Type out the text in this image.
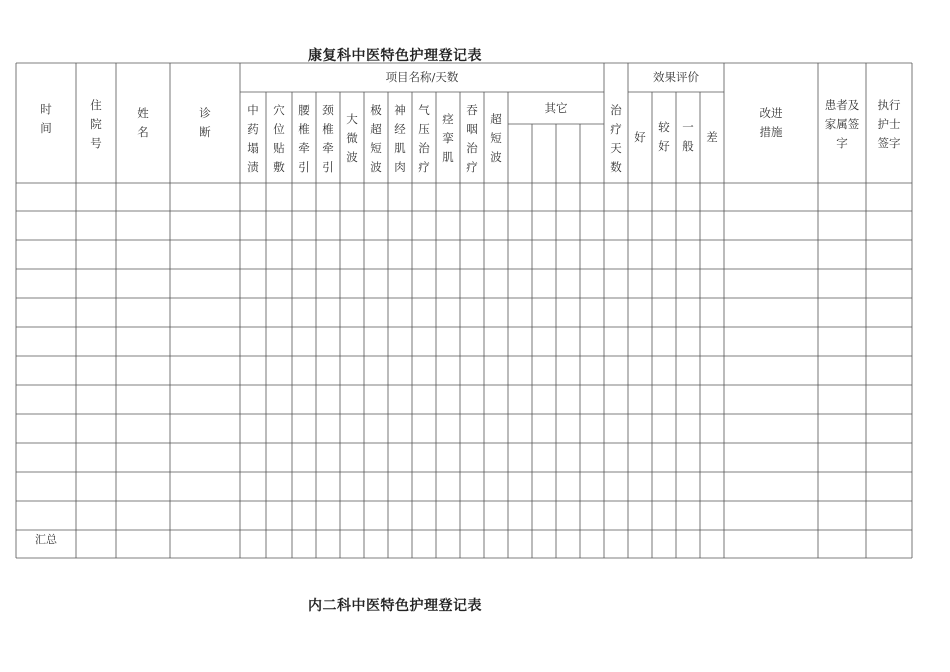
康复科中医特色护理登记表
时
间
住
院
号
姓
名
诊
断
项目名称/天数
中
药
塌
渍
穴
位
贴
敷
腰
椎
牵
引
颈
椎
牵
引
大
微
波
极
超
短
波
神
经
肌
肉
气
压
治
疗
痉
挛
肌
吞
咽
治
疗
超
短
波
其它	治
疗
天
数
效果评价
好
较
好
一
般
差
改进
措施
患者及
家属签
字
执行
护士
签字
汇总
内二科中医特色护理登记表
